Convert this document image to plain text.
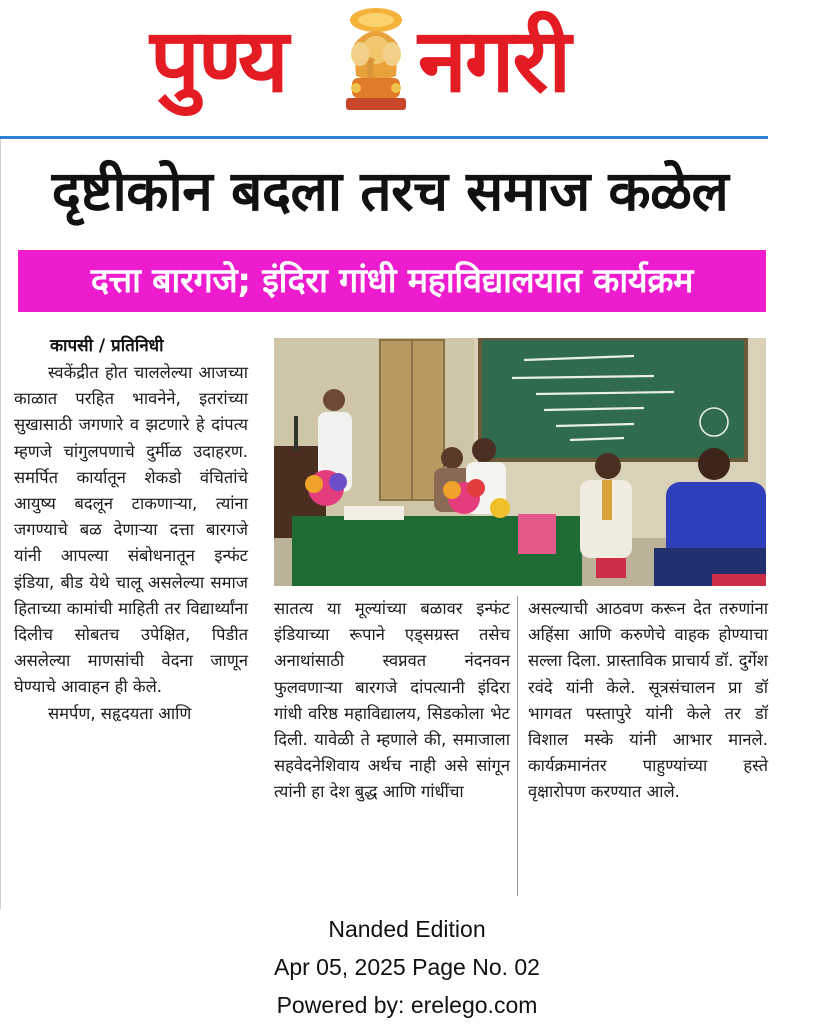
पुण्य नगरी
दृष्टीकोन बदला तरच समाज कळेल
दत्ता बारगजे; इंदिरा गांधी महाविद्यालयात कार्यक्रम
कापसी / प्रतिनिधी

स्वकेंद्रीत होत चाललेल्या आजच्या काळात परहित भावनेने, इतरांच्या सुखासाठी जगणारे व झटणारे हे दांपत्य म्हणजे चांगुलपणाचे दुर्मीळ उदाहरण. समर्पित कार्यातून शेकडो वंचितांचे आयुष्य बदलून टाकणाऱ्या, त्यांना जगण्याचे बळ देणाऱ्या दत्ता बारगजे यांनी आपल्या संबोधनातून इन्फंट इंडिया, बीड येथे चालू असलेल्या समाज हिताच्या कामांची माहिती तर विद्यार्थ्यांना दिलीच सोबतच उपेक्षित, पिडीत असलेल्या माणसांची वेदना जाणून घेण्याचे आवाहन ही केले.

समर्पण, सहृदयता आणि

सातत्य या मूल्यांच्या बळावर इन्फंट इंडियाच्या रूपाने एड्सग्रस्त तसेच अनाथांसाठी स्वप्नवत नंदनवन फुलवणाऱ्या बारगजे दांपत्यानी इंदिरा गांधी वरिष्ठ महाविद्यालय, सिडकोला भेट दिली. यावेळी ते म्हणाले की, समाजाला सहवेदनेशिवाय अर्थच नाही असे सांगून त्यांनी हा देश बुद्ध आणि गांधींचा

असल्याची आठवण करून देत तरुणांना अहिंसा आणि करुणेचे वाहक होण्याचा सल्ला दिला. प्रास्ताविक प्राचार्य डॉ. दुर्गेश रवंदे यांनी केले. सूत्रसंचालन प्रा डॉ भागवत पस्तापुरे यांनी केले तर डॉ विशाल मस्के यांनी आभार मानले. कार्यक्रमानंतर पाहुण्यांच्या हस्ते वृक्षारोपण करण्यात आले.

Nanded Edition
Apr 05, 2025 Page No. 02
Powered by: erelego.com
